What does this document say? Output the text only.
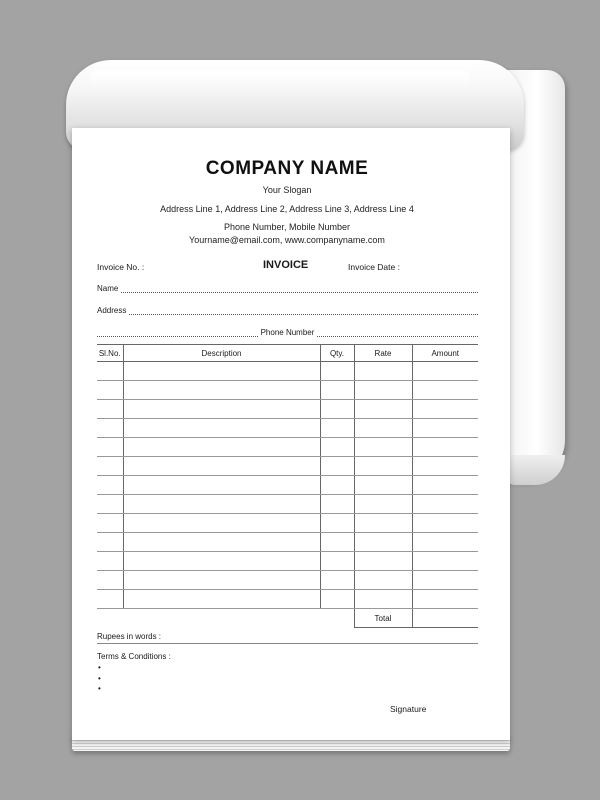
COMPANY NAME
Your Slogan
Address Line 1, Address Line 2, Address Line 3, Address Line 4
Phone Number, Mobile Number
Yourname@email.com, www.companyname.com
Invoice No. :	INVOICE	Invoice Date :
Name
Address
Phone Number
Sl.No.	Description	Qty.	Rate	Amount

			Total	
Rupees in words :
Terms & Conditions :
•
•
•
Signature
